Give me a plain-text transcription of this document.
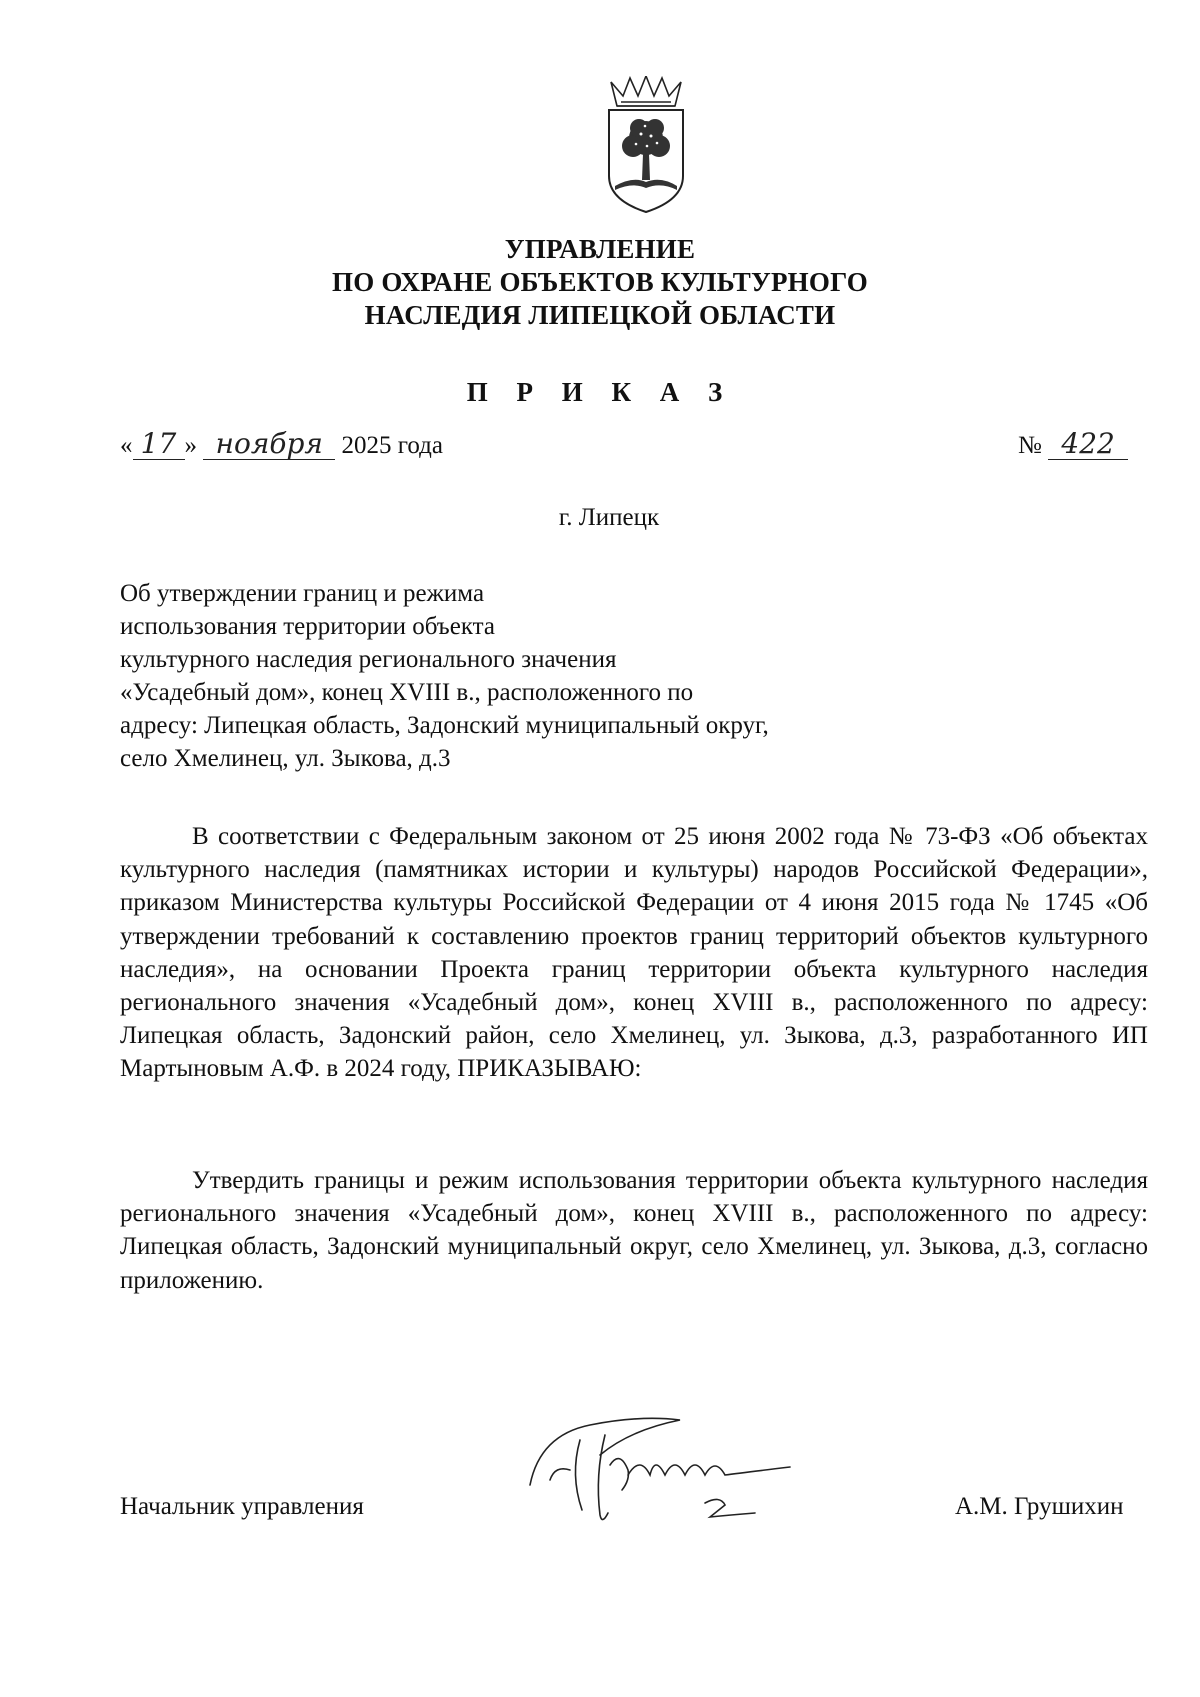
УПРАВЛЕНИЕ
ПО ОХРАНЕ ОБЪЕКТОВ КУЛЬТУРНОГО
НАСЛЕДИЯ ЛИПЕЦКОЙ ОБЛАСТИ
П Р И К А З
« 17 » ноября 2025 года	№ 422
г. Липецк
Об утверждении границ и режима
использования территории объекта
культурного наследия регионального значения
«Усадебный дом», конец XVIII в., расположенного по
адресу: Липецкая область, Задонский муниципальный округ,
село Хмелинец, ул. Зыкова, д.3
В соответствии с Федеральным законом от 25 июня 2002 года № 73-ФЗ «Об объектах культурного наследия (памятниках истории и культуры) народов Российской Федерации», приказом Министерства культуры Российской Федерации от 4 июня 2015 года № 1745 «Об утверждении требований к составлению проектов границ территорий объектов культурного наследия», на основании Проекта границ территории объекта культурного наследия регионального значения «Усадебный дом», конец XVIII в., расположенного по адресу: Липецкая область, Задонский район, село Хмелинец, ул. Зыкова, д.3, разработанного ИП Мартыновым А.Ф. в 2024 году, ПРИКАЗЫВАЮ:
Утвердить границы и режим использования территории объекта культурного наследия регионального значения «Усадебный дом», конец XVIII в., расположенного по адресу: Липецкая область, Задонский муниципальный округ, село Хмелинец, ул. Зыкова, д.3, согласно приложению.
Начальник управления	А.М. Грушихин
